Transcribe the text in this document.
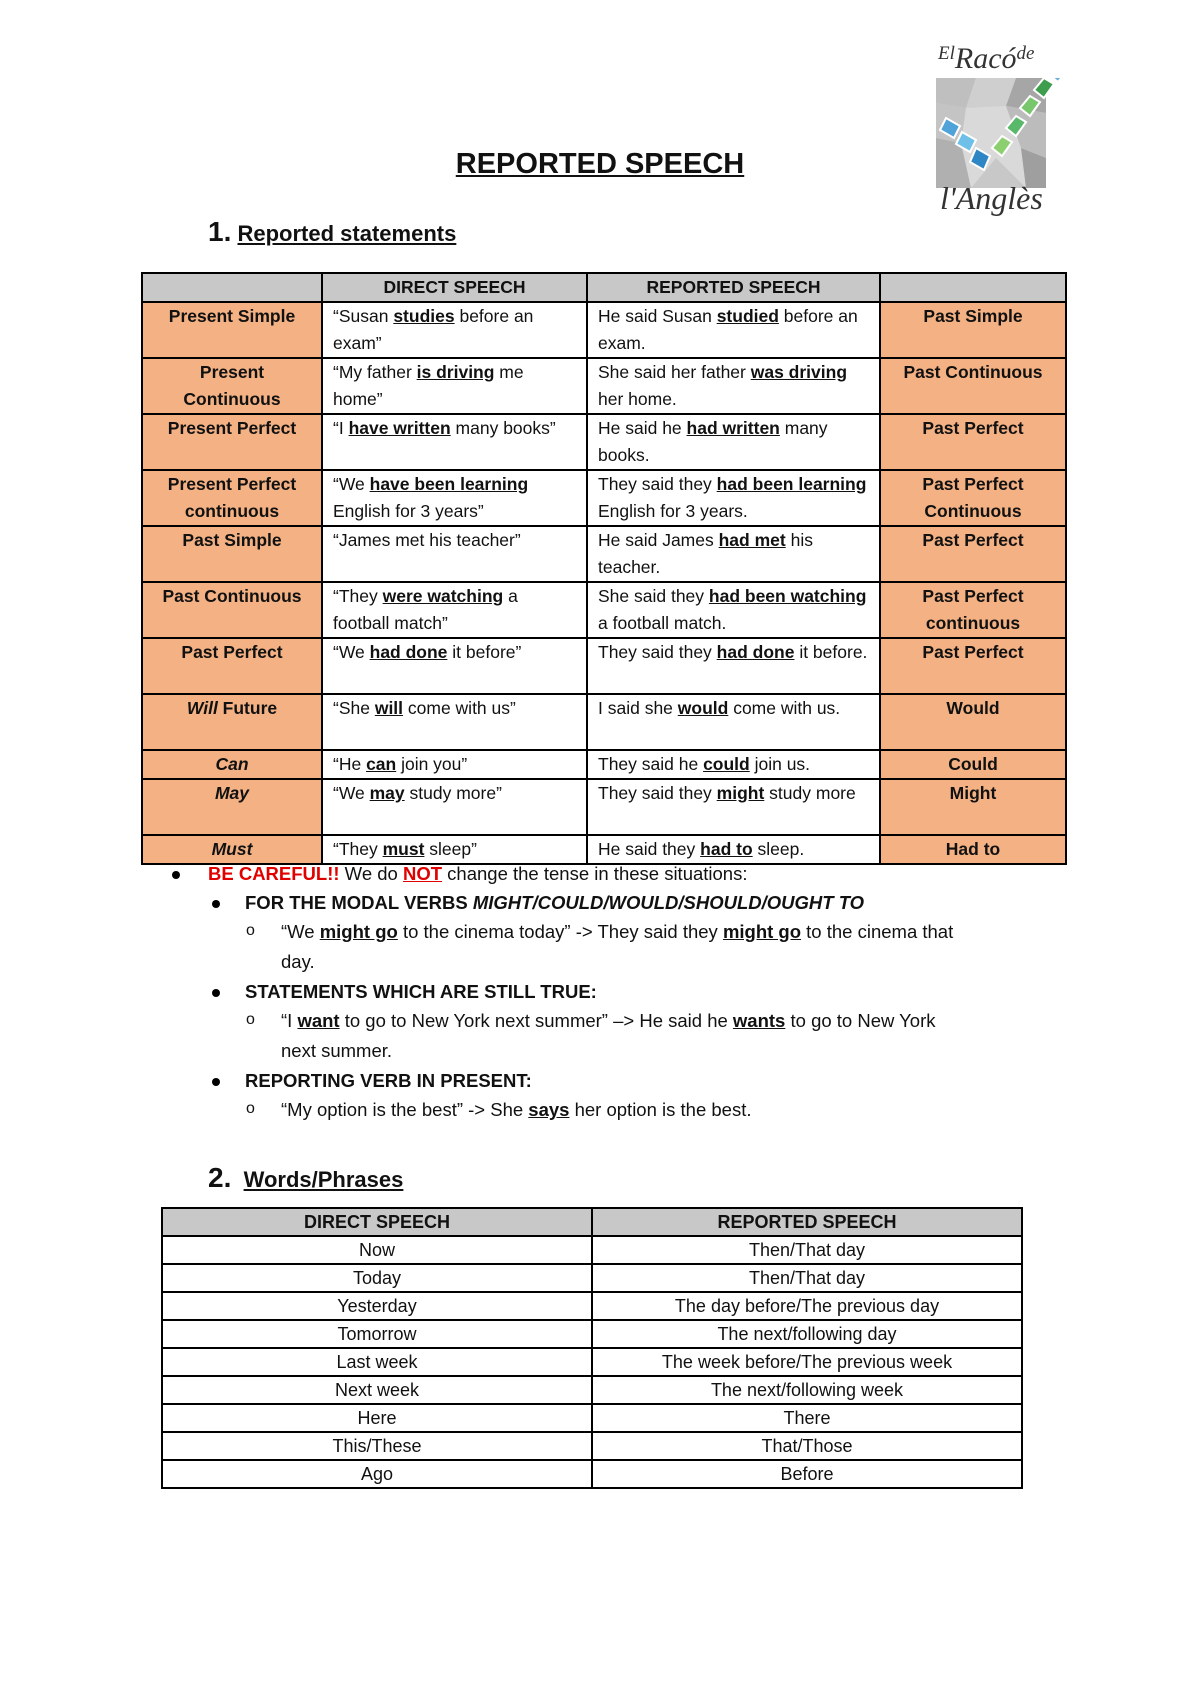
$^{El}$Racó$^{de}$
l'Anglès
REPORTED SPEECH
1. Reported statements
	DIRECT SPEECH	REPORTED SPEECH	
Present Simple	“Susan studies before an exam”	He said Susan studied before an exam.	Past Simple
Present Continuous	“My father is driving me home”	She said her father was driving her home.	Past Continuous
Present Perfect	“I have written many books”	He said he had written many books.	Past Perfect
Present Perfect continuous	“We have been learning English for 3 years”	They said they had been learning English for 3 years.	Past Perfect Continuous
Past Simple	“James met his teacher”	He said James had met his teacher.	Past Perfect
Past Continuous	“They were watching a football match”	She said they had been watching a football match.	Past Perfect continuous
Past Perfect	“We had done it before”	They said they had done it before.	Past Perfect
Will Future	“She will come with us”	I said she would come with us.	Would
Can	“He can join you”	They said he could join us.	Could
May	“We may study more”	They said they might study more	Might
Must	“They must sleep”	He said they had to sleep.	Had to
BE CAREFUL!! We do NOT change the tense in these situations:
FOR THE MODAL VERBS MIGHT/COULD/WOULD/SHOULD/OUGHT TO
o “We might go to the cinema today” -> They said they might go to the cinema that
day.
STATEMENTS WHICH ARE STILL TRUE:
o “I want to go to New York next summer” –> He said he wants to go to New York
next summer.
REPORTING VERB IN PRESENT:
o “My option is the best” -> She says her option is the best.
2. Words/Phrases
DIRECT SPEECH	REPORTED SPEECH
Now	Then/That day
Today	Then/That day
Yesterday	The day before/The previous day
Tomorrow	The next/following day
Last week	The week before/The previous week
Next week	The next/following week
Here	There
This/These	That/Those
Ago	Before
